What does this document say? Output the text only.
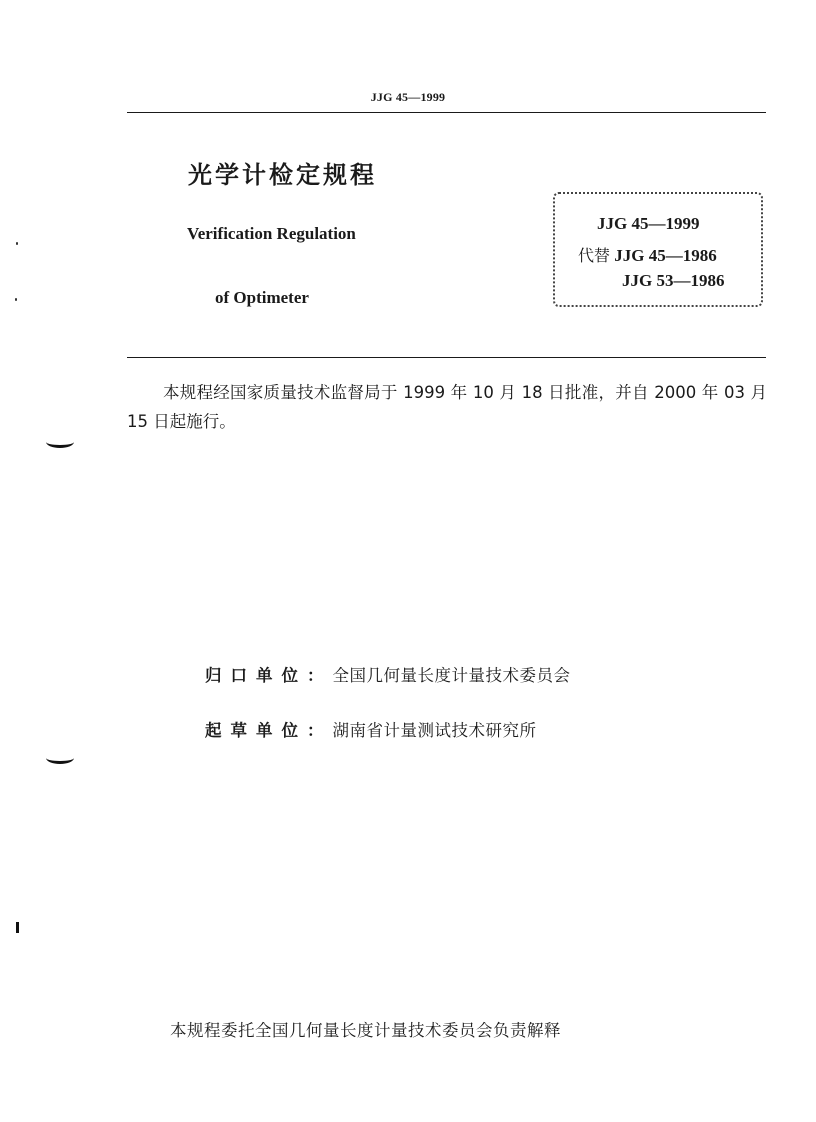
JJG 45—1999
光学计检定规程
Verification Regulation
of Optimeter
JJG 45—1999
代替 JJG 45—1986
JJG 53—1986
本规程经国家质量技术监督局于 1999 年 10 月 18 日批准，并自 2000 年 03 月 15 日起施行。
归口单位：全国几何量长度计量技术委员会
起草单位：湖南省计量测试技术研究所
本规程委托全国几何量长度计量技术委员会负责解释
